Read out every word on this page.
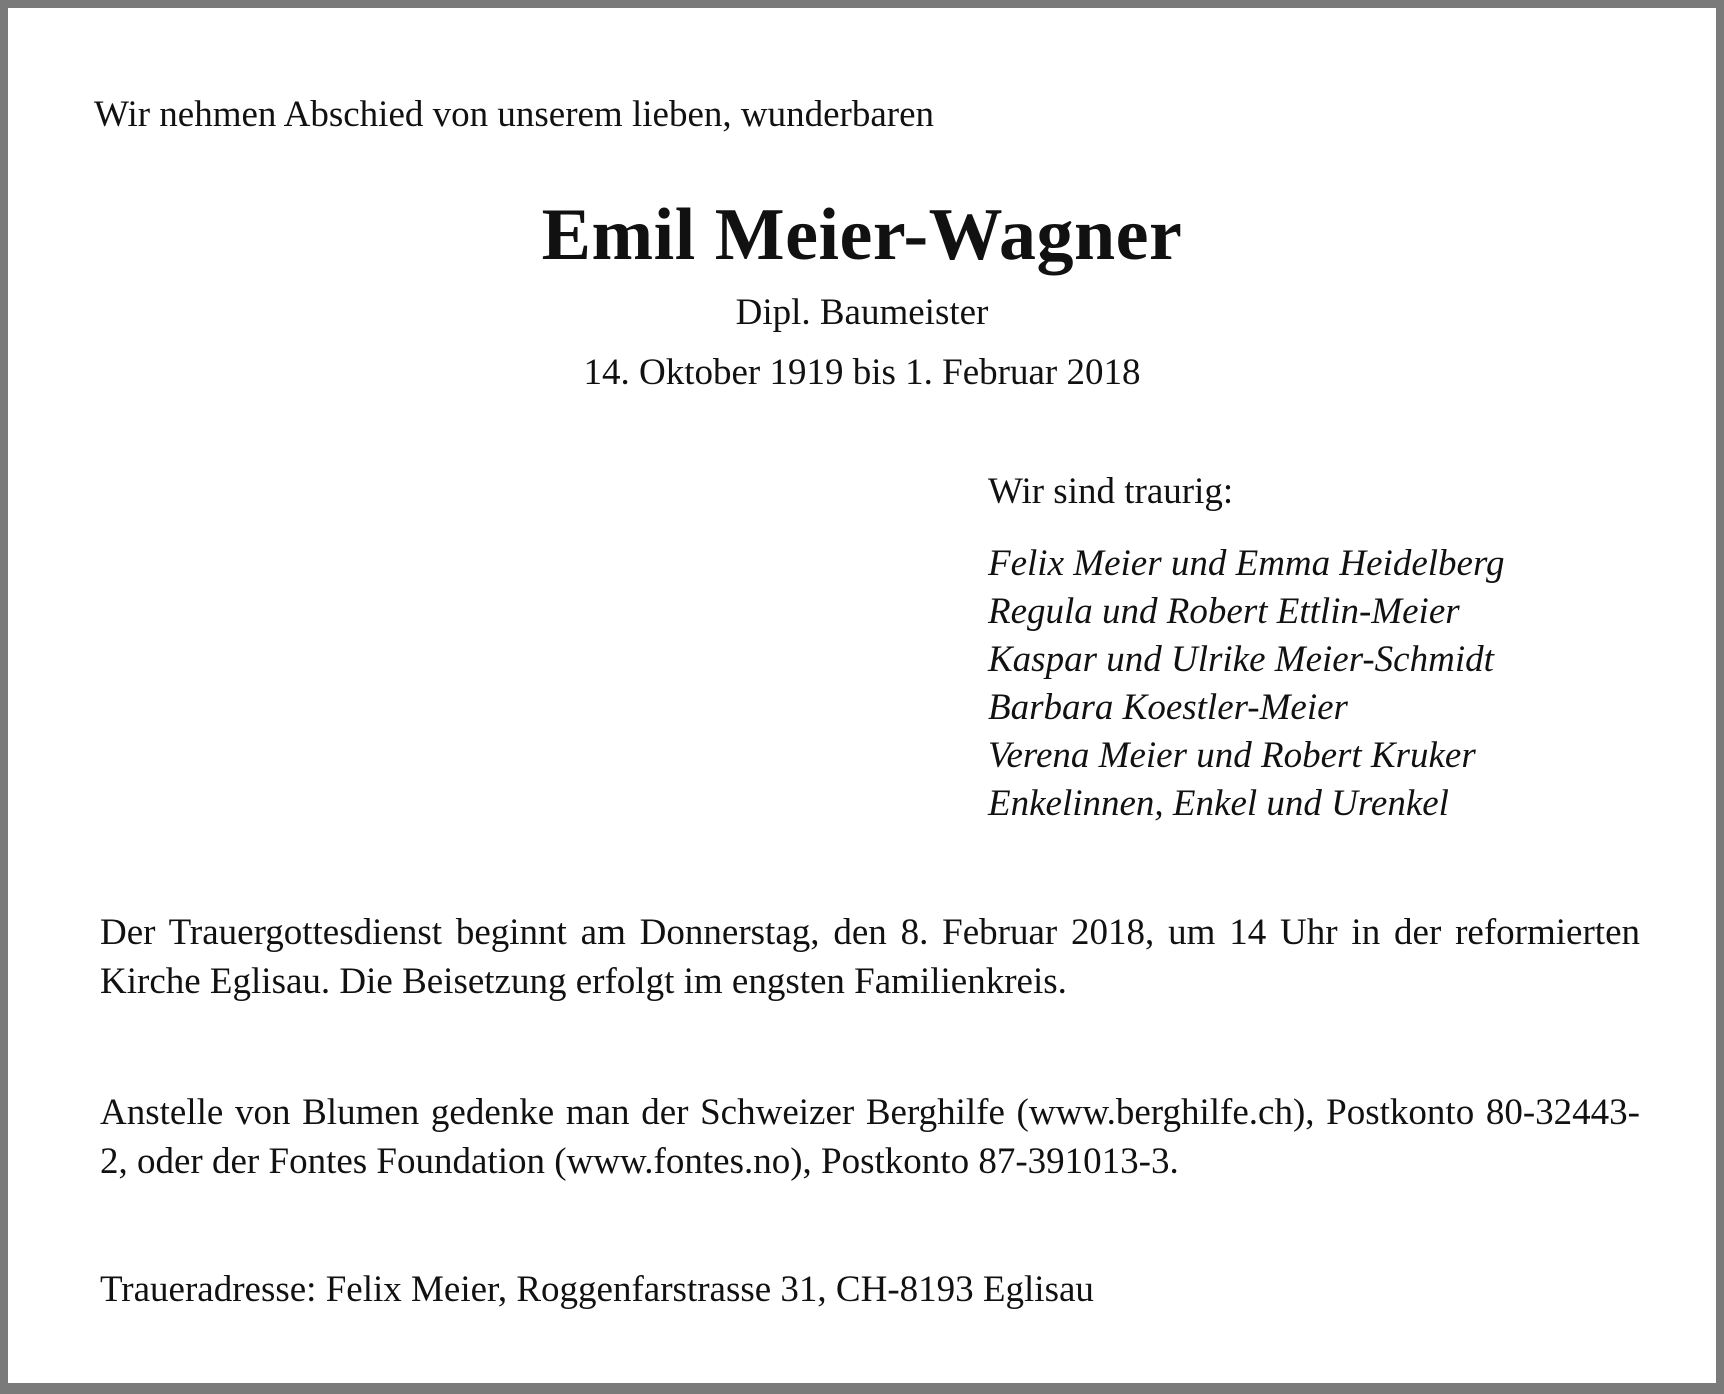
Wir nehmen Abschied von unserem lieben, wunderbaren
Emil Meier-Wagner
Dipl. Baumeister
14. Oktober 1919 bis 1. Februar 2018
Wir sind traurig:
Felix Meier und Emma Heidelberg
Regula und Robert Ettlin-Meier
Kaspar und Ulrike Meier-Schmidt
Barbara Koestler-Meier
Verena Meier und Robert Kruker
Enkelinnen, Enkel und Urenkel
Der Trauergottesdienst beginnt am Donnerstag, den 8. Februar 2018, um 14 Uhr in der reformierten Kirche Eglisau. Die Beisetzung erfolgt im engsten Familienkreis.
Anstelle von Blumen gedenke man der Schweizer Berghilfe (www.berghilfe.ch), Postkonto 80-32443-2, oder der Fontes Foundation (www.fontes.no), Postkonto 87-391013-3.
Traueradresse: Felix Meier, Roggenfarstrasse 31, CH-8193 Eglisau
